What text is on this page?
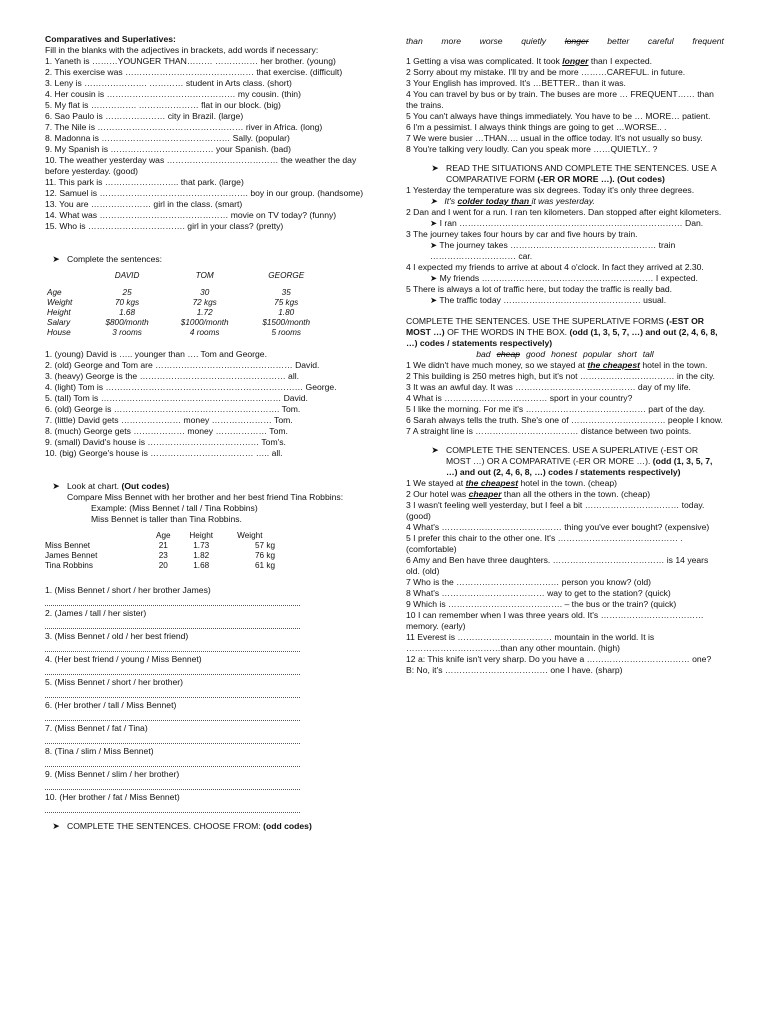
Comparatives and Superlatives:

Fill in the blanks with the adjectives in brackets, add words if necessary:

1. Yaneth is ………YOUNGER THAN……… …………… her brother. (young)

2. This exercise was ……………………………………… that exercise. (difficult)

3. Leny is …………………. ………… student in Arts class. (short)

4. Her cousin is ……………………………………… my cousin. (thin)

5. My flat is ……………. ………………… flat in our block. (big)

6. Sao Paulo is ………………… city in Brazil. (large)

7. The Nile is …………………………………………… river in Africa. (long)

8. Madonna is ……………………………………… Sally. (popular)

9. My Spanish is ……………………………… your Spanish. (bad)

10. The weather yesterday was ………………………………… the weather the day before yesterday. (good)

11. This park is …………………….. that park. (large)

12. Samuel is ……………………………………………. boy in our group. (handsome)

13. You are ………………… girl in the class. (smart)

14. What was ……………………………………… movie on TV today? (funny)

15. Who is ……………………………. girl in your class? (pretty)

➤ Complete the sentences:
	DAVID	TOM	GEORGE

Age	25	30	35
Weight	70 kgs	72 kgs	75 kgs
Height	1.68	1.72	1.80
Salary	$800/month	$1000/month	$1500/month
House	3 rooms	4 rooms	5 rooms

1. (young) David is ….. younger than …. Tom and George.

2. (old) George and Tom are ………………………………………… David.

3. (heavy) George is the …………………………………………… all.

4. (light) Tom is …………………………………………………………… George.

5. (tall) Tom is ……………………………………………………… David.

6. (old) George is …………………………………………………. Tom.

7. (little) David gets ………………… money ………………… Tom.

8. (much) George gets ……………… money ……………… Tom.

9. (small) David's house is ………………………………… Tom's.

10. (big) George's house is ……………………………… ….. all.

➤ Look at chart. (Out codes)

Compare Miss Bennet with her brother and her best friend Tina Robbins:

Example: (Miss Bennet / tall / Tina Robbins)

Miss Bennet is taller than Tina Robbins.

	Age	Height	Weight
Miss Bennet	21	1.73	57 kg
James Bennet	23	1.82	76 kg
Tina Robbins	20	1.68	61 kg

1. (Miss Bennet / short / her brother James)

2. (James / tall / her sister)

3. (Miss Bennet / old / her best friend)

4. (Her best friend / young / Miss Bennet)

5. (Miss Bennet / short / her brother)

6. (Her brother / tall / Miss Bennet)

7. (Miss Bennet / fat / Tina)

8. (Tina / slim / Miss Bennet)

9. (Miss Bennet / slim / her brother)

10. (Her brother / fat / Miss Bennet)

➤ COMPLETE THE SENTENCES. CHOOSE FROM: (odd codes)
than more worse quietly longer better careful frequent

1 Getting a visa was complicated. It took longer than I expected.

2 Sorry about my mistake. I'll try and be more ………CAREFUL. in future.

3 Your English has improved. It's …BETTER.. than it was.

4 You can travel by bus or by train. The buses are more … FREQUENT…… than the trains.

5 You can't always have things immediately. You have to be … MORE… patient.

6 I'm a pessimist. I always think things are going to get …WORSE.. .

7 We were busier …THAN…. usual in the office today. It's not usually so busy.

8 You're talking very loudly. Can you speak more ……QUIETLY.. ?

➤ READ THE SITUATIONS AND COMPLETE THE SENTENCES. USE A COMPARATIVE FORM (-ER OR MORE …). (Out codes)

1 Yesterday the temperature was six degrees. Today it's only three degrees.

➤   It's colder today than it was yesterday.

2 Dan and I went for a run. I ran ten kilometers. Dan stopped after eight kilometers.

➤ I ran …………………………………………………………………… Dan.

3 The journey takes four hours by car and five hours by train.

➤ The journey takes …………………………………………… train ………………………… car.

4 I expected my friends to arrive at about 4 o'clock. In fact they arrived at 2.30.

➤ My friends …………………………………………………… I expected.

5 There is always a lot of traffic here, but today the traffic is really bad.

➤ The traffic today ………………………………………… usual.

COMPLETE THE SENTENCES. USE THE SUPERLATIVE FORMS (-EST OR MOST …) OF THE WORDS IN THE BOX. (odd (1, 3, 5, 7, …) and out (2, 4, 6, 8, …) codes / statements respectively)

bad cheap good honest popular short tall

1 We didn't have much money, so we stayed at the cheapest hotel in the town.

2 This building is 250 metres high, but it's not …………………………… in the city.

3 It was an awful day. It was …………………………………… day of my life.

4 What is ……………………………… sport in your country?

5 I like the morning. For me it's …………………………………… part of the day.

6 Sarah always tells the truth. She's one of …………………………… people I know.

7 A straight line is ……………………………… distance between two points.

➤ COMPLETE THE SENTENCES. USE A SUPERLATIVE (-EST OR MOST …) OR A COMPARATIVE (-ER OR MORE …). (odd (1, 3, 5, 7, …) and out (2, 4, 6, 8, …) codes / statements respectively)

1 We stayed at the cheapest hotel in the town. (cheap)

2 Our hotel was cheaper than all the others in the town. (cheap)

3 I wasn't feeling well yesterday, but I feel a bit …………………………… today. (good)

4 What's …………………………………… thing you've ever bought? (expensive)

5 I prefer this chair to the other one. It's …………………………………… . (comfortable)

6 Amy and Ben have three daughters. ………………………………… is 14 years old. (old)

7 Who is the ……………………………… person you know? (old)

8 What's ……………………………… way to get to the station? (quick)

9 Which is …………………………………. – the bus or the train? (quick)

10 I can remember when I was three years old. It's ……………………………… memory. (early)

11 Everest is …………………………… mountain in the world. It is ……………………………than any other mountain. (high)

12 a: This knife isn't very sharp. Do you have a ……………………………… one?

B: No, it's ……………………………… one I have. (sharp)
